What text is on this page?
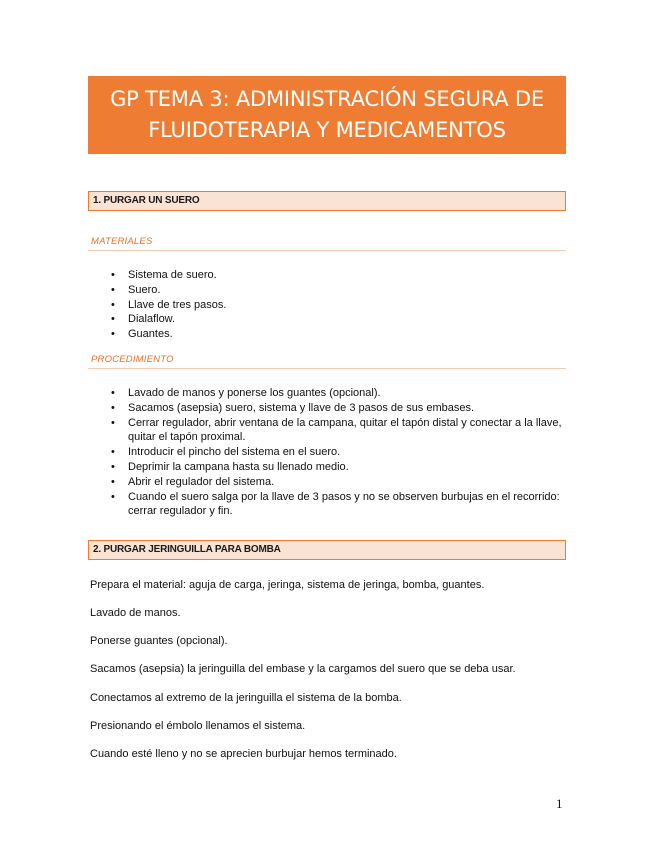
GP TEMA 3: ADMINISTRACIÓN SEGURA DE
FLUIDOTERAPIA Y MEDICAMENTOS
1. PURGAR UN SUERO
MATERIALES
• Sistema de suero.
• Suero.
• Llave de tres pasos.
• Dialaflow.
• Guantes.
PROCEDIMIENTO
• Lavado de manos y ponerse los guantes (opcional).
• Sacamos (asepsia) suero, sistema y llave de 3 pasos de sus embases.
• Cerrar regulador, abrir ventana de la campana, quitar el tapón distal y conectar a la llave, quitar el tapón proximal.
• Introducir el pincho del sistema en el suero.
• Deprimir la campana hasta su llenado medio.
• Abrir el regulador del sistema.
• Cuando el suero salga por la llave de 3 pasos y no se observen burbujas en el recorrido: cerrar regulador y fin.
2. PURGAR JERINGUILLA PARA BOMBA
Prepara el material: aguja de carga, jeringa, sistema de jeringa, bomba, guantes.
Lavado de manos.
Ponerse guantes (opcional).
Sacamos (asepsia) la jeringuilla del embase y la cargamos del suero que se deba usar.
Conectamos al extremo de la jeringuilla el sistema de la bomba.
Presionando el émbolo llenamos el sistema.
Cuando esté lleno y no se aprecien burbujar hemos terminado.
1
